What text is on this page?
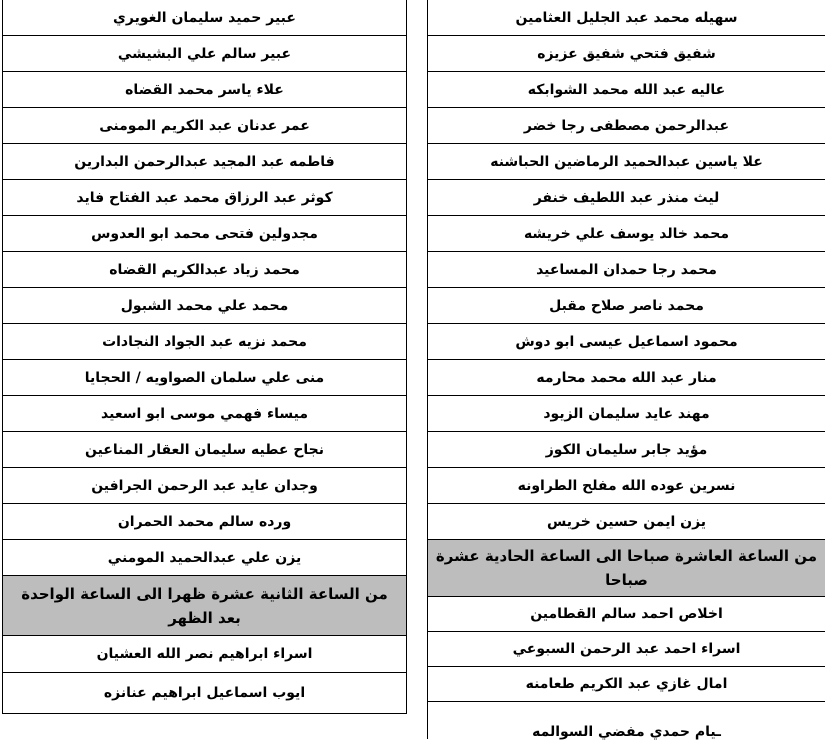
سهيله محمد عبد الجليل العثامين
شفيق فتحي شفيق عزيزه
عاليه عبد الله محمد الشوابكه
عبدالرحمن مصطفى رجا خضر
علا ياسين عبدالحميد الرماضين الحباشنه
ليث منذر عبد اللطيف خنفر
محمد خالد يوسف علي خريشه
محمد رجا حمدان المساعيد
محمد ناصر صلاح مقبل
محمود اسماعيل عيسى ابو دوش
منار عبد الله محمد محارمه
مهند عايد سليمان الزيود
مؤيد جابر سليمان الكوز
نسرين عوده الله مفلح الطراونه
يزن ايمن حسين خريس
من الساعة العاشرة صباحا الى الساعة الحادية عشرة صباحا
اخلاص احمد سالم القطامين
اسراء احمد عبد الرحمن السبوعي
امال غازي عبد الكريم طعامنه
ـيام حمدي مفضي السوالمه
عبير حميد سليمان الغويري
عبير سالم علي البشيشي
علاء ياسر محمد القضاه
عمر عدنان عبد الكريم المومنى
فاطمه عبد المجيد عبدالرحمن البدارين
كوثر عبد الرزاق محمد عبد الفتاح فايد
مجدولين فتحى محمد ابو العدوس
محمد زياد عبدالكريم القضاه
محمد علي محمد الشبول
محمد نزيه عبد الجواد النجادات
منى علي سلمان الصواويه / الحجايا
ميساء فهمي موسى ابو اسعيد
نجاح عطيه سليمان العقار المناعين
وجدان عايد عبد الرحمن الجرافين
ورده سالم محمد الحمران
يزن علي عبدالحميد المومني
من الساعة الثانية عشرة ظهرا الى الساعة الواحدة بعد الظهر
اسراء ابراهيم نصر الله العشيان
ايوب اسماعيل ابراهيم عنانزه
